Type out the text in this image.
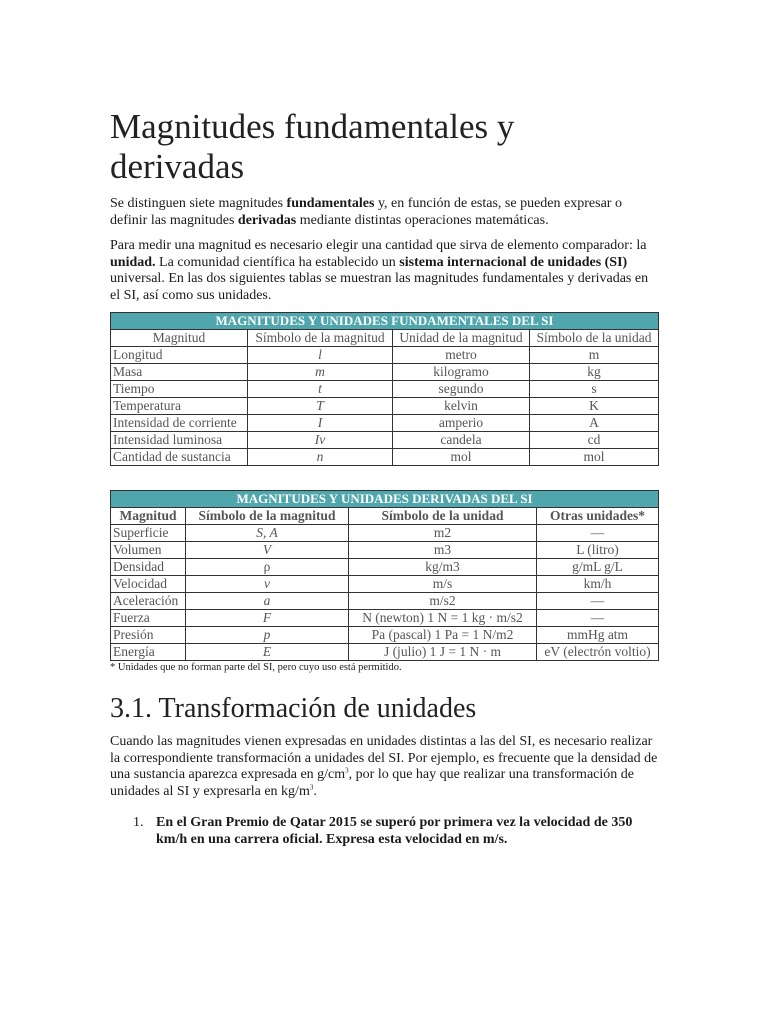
Magnitudes fundamentales y derivadas

Se distinguen siete magnitudes fundamentales y, en función de estas, se pueden expresar o definir las magnitudes derivadas mediante distintas operaciones matemáticas.

Para medir una magnitud es necesario elegir una cantidad que sirva de elemento comparador: la unidad. La comunidad científica ha establecido un sistema internacional de unidades (SI) universal. En las dos siguientes tablas se muestran las magnitudes fundamentales y derivadas en el SI, así como sus unidades.

MAGNITUDES Y UNIDADES FUNDAMENTALES DEL SI			
Magnitud	Símbolo de la magnitud	Unidad de la magnitud	Símbolo de la unidad
Longitud	l	metro	m
Masa	m	kilogramo	kg
Tiempo	t	segundo	s
Temperatura	T	kelvin	K
Intensidad de corriente	I	amperio	A
Intensidad luminosa	Iv	candela	cd
Cantidad de sustancia	n	mol	mol
MAGNITUDES Y UNIDADES DERIVADAS DEL SI			
Magnitud	Símbolo de la magnitud	Símbolo de la unidad	Otras unidades*
Superficie	S, A	m2	—
Volumen	V	m3	L (litro)
Densidad	ρ	kg/m3	g/mL g/L
Velocidad	v	m/s	km/h
Aceleración	a	m/s2	—
Fuerza	F	N (newton) 1 N = 1 kg · m/s2	—
Presión	p	Pa (pascal) 1 Pa = 1 N/m2	mmHg atm
Energía	E	J (julio) 1 J = 1 N · m	eV (electrón voltio)
* Unidades que no forman parte del SI, pero cuyo uso está permitido.
3.1. Transformación de unidades

Cuando las magnitudes vienen expresadas en unidades distintas a las del SI, es necesario realizar la correspondiente transformación a unidades del SI. Por ejemplo, es frecuente que la densidad de una sustancia aparezca expresada en $g/cm^3$, por lo que hay que realizar una transformación de unidades al SI y expresarla en $kg/m^3$.

1. En el Gran Premio de Qatar 2015 se superó por primera vez la velocidad de 350 km/h en una carrera oficial. Expresa esta velocidad en m/s.
